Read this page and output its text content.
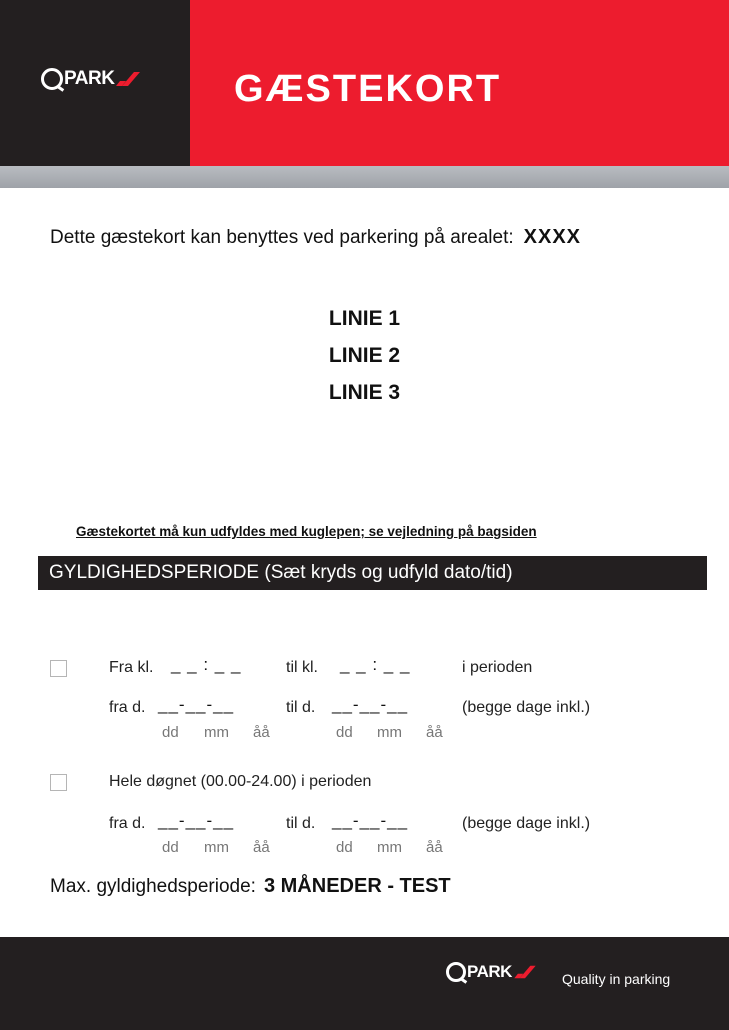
PARK	GÆSTEKORT
Dette gæstekort kan benyttes ved parkering på arealet: XXXX
LINIE 1
LINIE 2
LINIE 3
Gæstekortet må kun udfyldes med kuglepen; se vejledning på bagsiden
GYLDIGHEDSPERIODE (Sæt kryds og udfyld dato/tid)
Fra kl. _ _ : _ _	til kl. _ _ : _ _	i perioden
fra d. __-__-__	til d. __-__-__	(begge dage inkl.)
dd mm åå	dd mm åå
Hele døgnet (00.00-24.00) i perioden
fra d. __-__-__	til d. __-__-__	(begge dage inkl.)
dd mm åå	dd mm åå
Max. gyldighedsperiode: 3 MÅNEDER - TEST
PARK	Quality in parking
